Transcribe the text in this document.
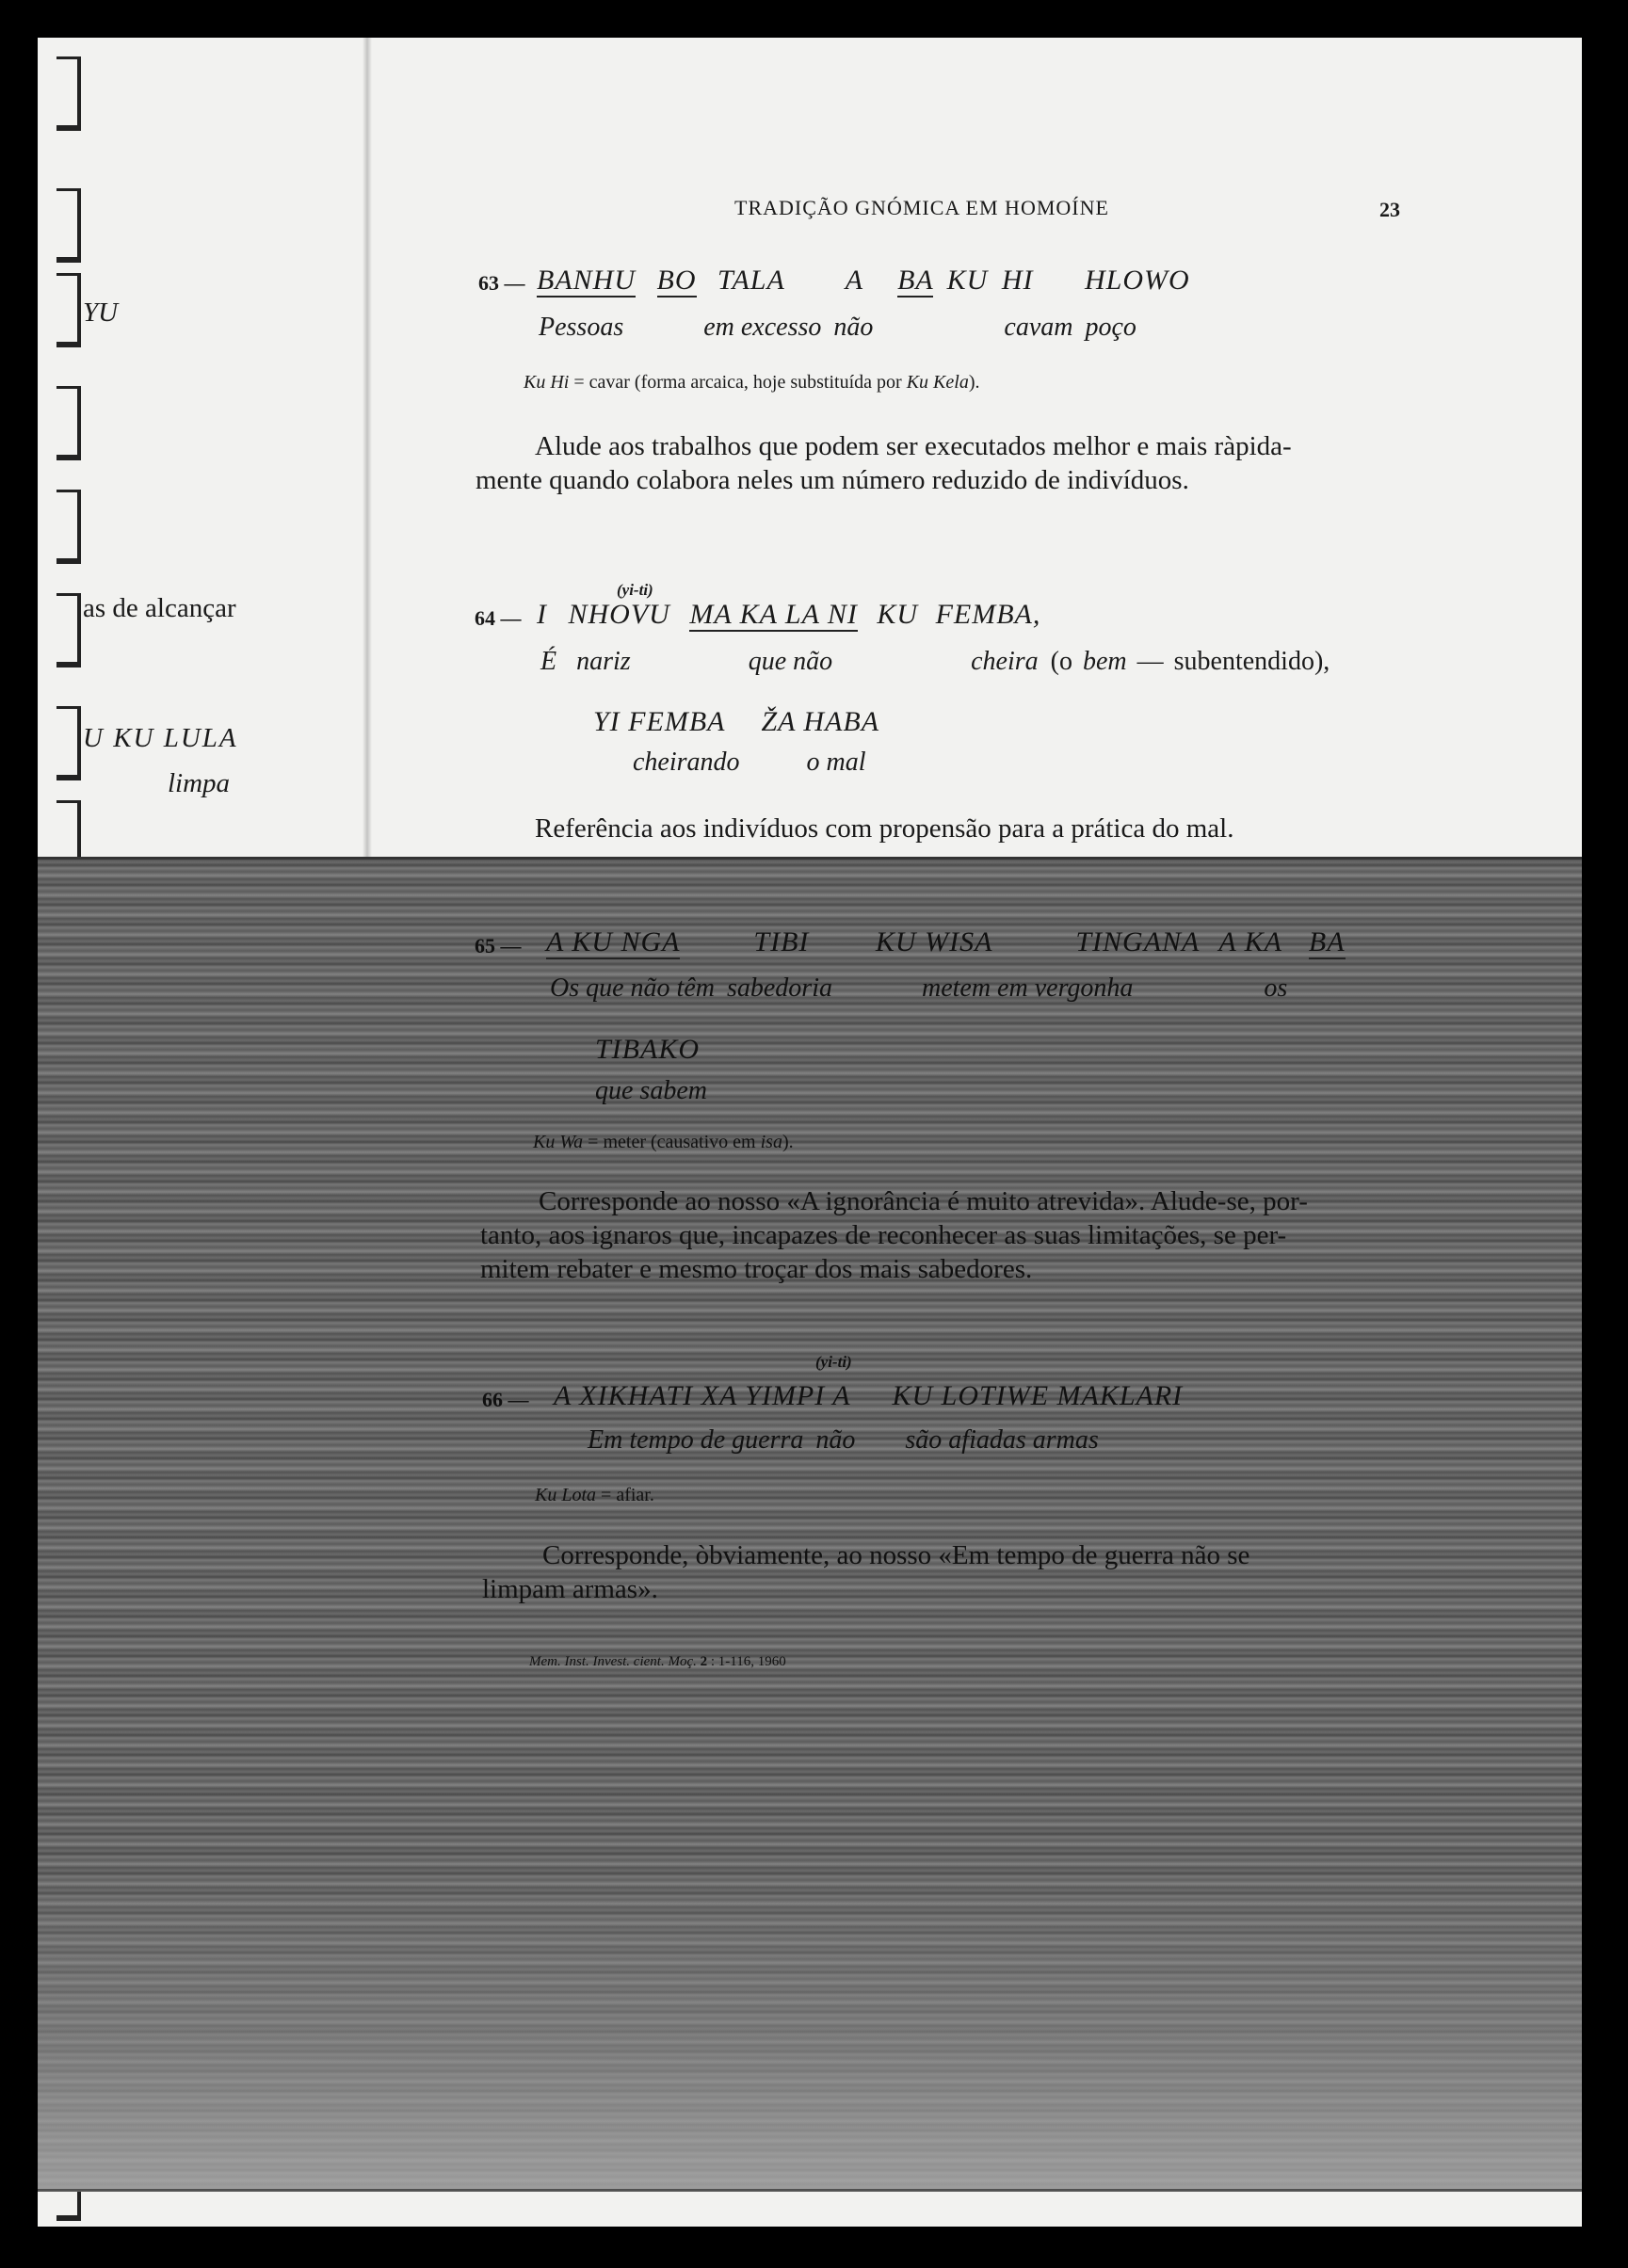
YU
as de alcançar
U KU LULA
limpa
TRADIÇÃO GNÓMICA EM HOMOÍNE	23
63 — BANHU BO TALA A BA KU HI HLOWO
Pessoas	em excesso não	cavam poço
Ku Hi = cavar (forma arcaica, hoje substituída por Ku Kela).
Alude aos trabalhos que podem ser executados melhor e mais ràpida-
mente quando colabora neles um número reduzido de indivíduos.
(yi-ti)
64 — I NHOVU MA KA LA NI KU FEMBA,
É nariz	que não	cheira (o bem — subentendido),
YI FEMBA ŽA HABA
cheirando	o mal
Referência aos indivíduos com propensão para a prática do mal.
65 — A KU NGA	TIBI KU WISA	TINGANA A KA BA
Os que não têm sabedoria	metem em vergonha	os
TIBAKO
que sabem
Ku Wa = meter (causativo em isa).
Corresponde ao nosso «A ignorância é muito atrevida». Alude-se, por-
tanto, aos ignaros que, incapazes de reconhecer as suas limitações, se per-
mitem rebater e mesmo troçar dos mais sabedores.
(yi-ti)
66 — A XIKHATI XA YIMPI A KU LOTIWE MAKLARI
Em tempo de guerra não são afiadas armas
Ku Lota = afiar.
Corresponde, òbviamente, ao nosso «Em tempo de guerra não se
limpam armas».
Mem. Inst. Invest. cient. Moç. 2 : 1-116, 1960
